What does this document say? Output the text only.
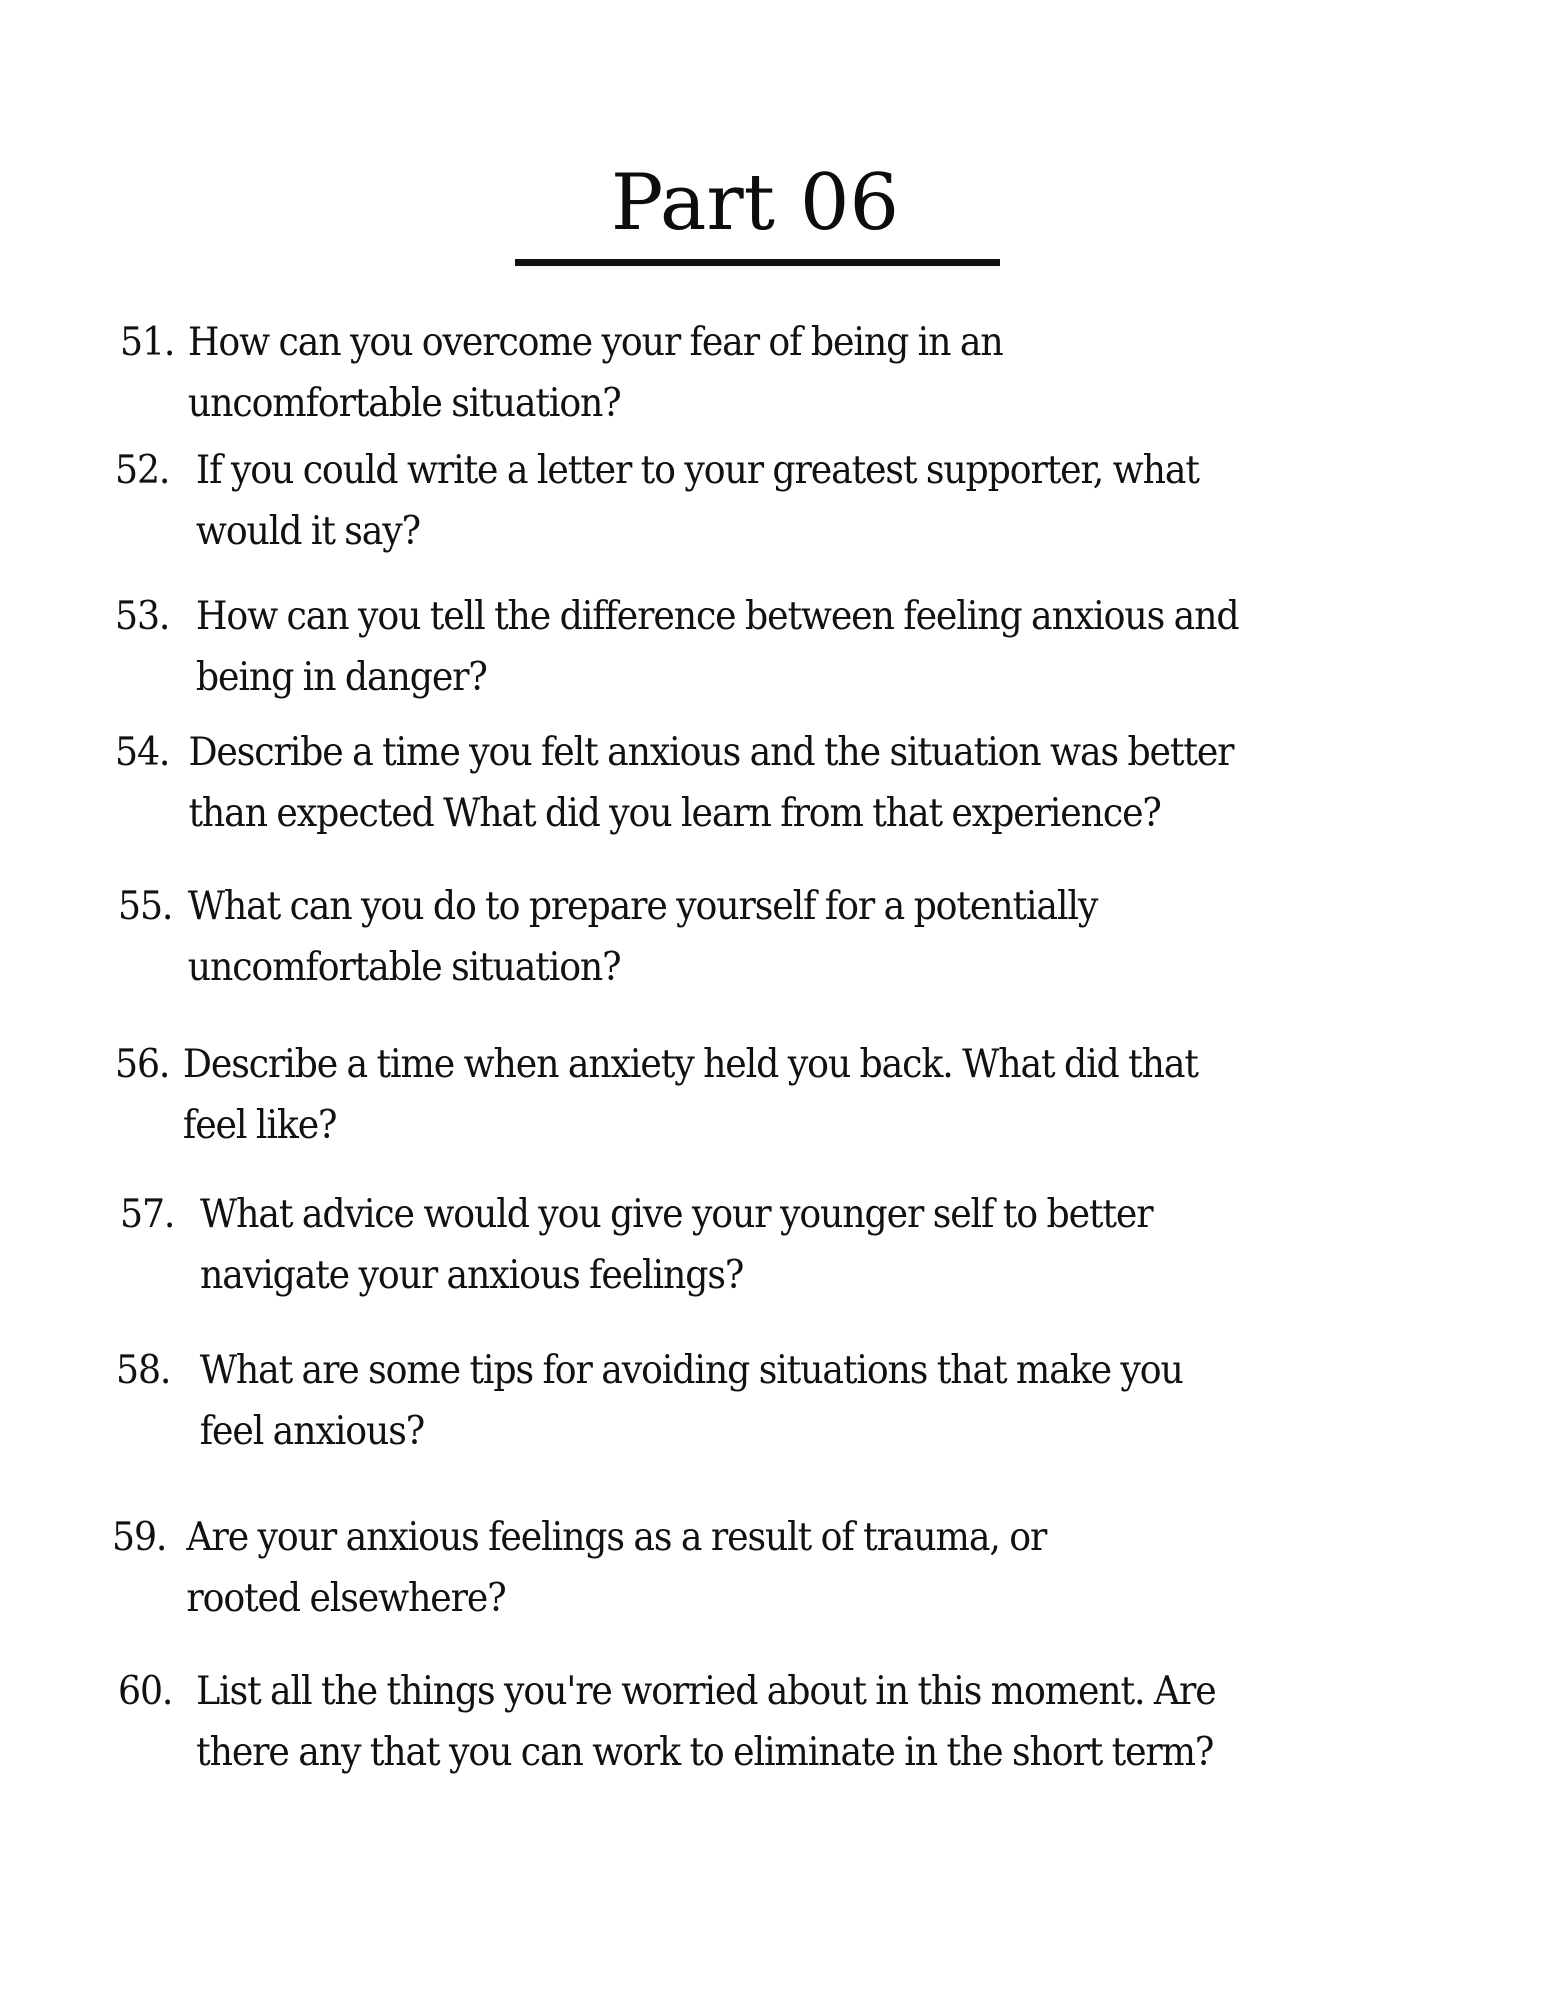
Part 06
51. How can you overcome your fear of being in an
uncomfortable situation?
52. If you could write a letter to your greatest supporter, what
would it say?
53. How can you tell the difference between feeling anxious and
being in danger?
54. Describe a time you felt anxious and the situation was better
than expected What did you learn from that experience?
55. What can you do to prepare yourself for a potentially
uncomfortable situation?
56. Describe a time when anxiety held you back. What did that
feel like?
57. What advice would you give your younger self to better
navigate your anxious feelings?
58. What are some tips for avoiding situations that make you
feel anxious?
59. Are your anxious feelings as a result of trauma, or
rooted elsewhere?
60. List all the things you're worried about in this moment. Are
there any that you can work to eliminate in the short term?
